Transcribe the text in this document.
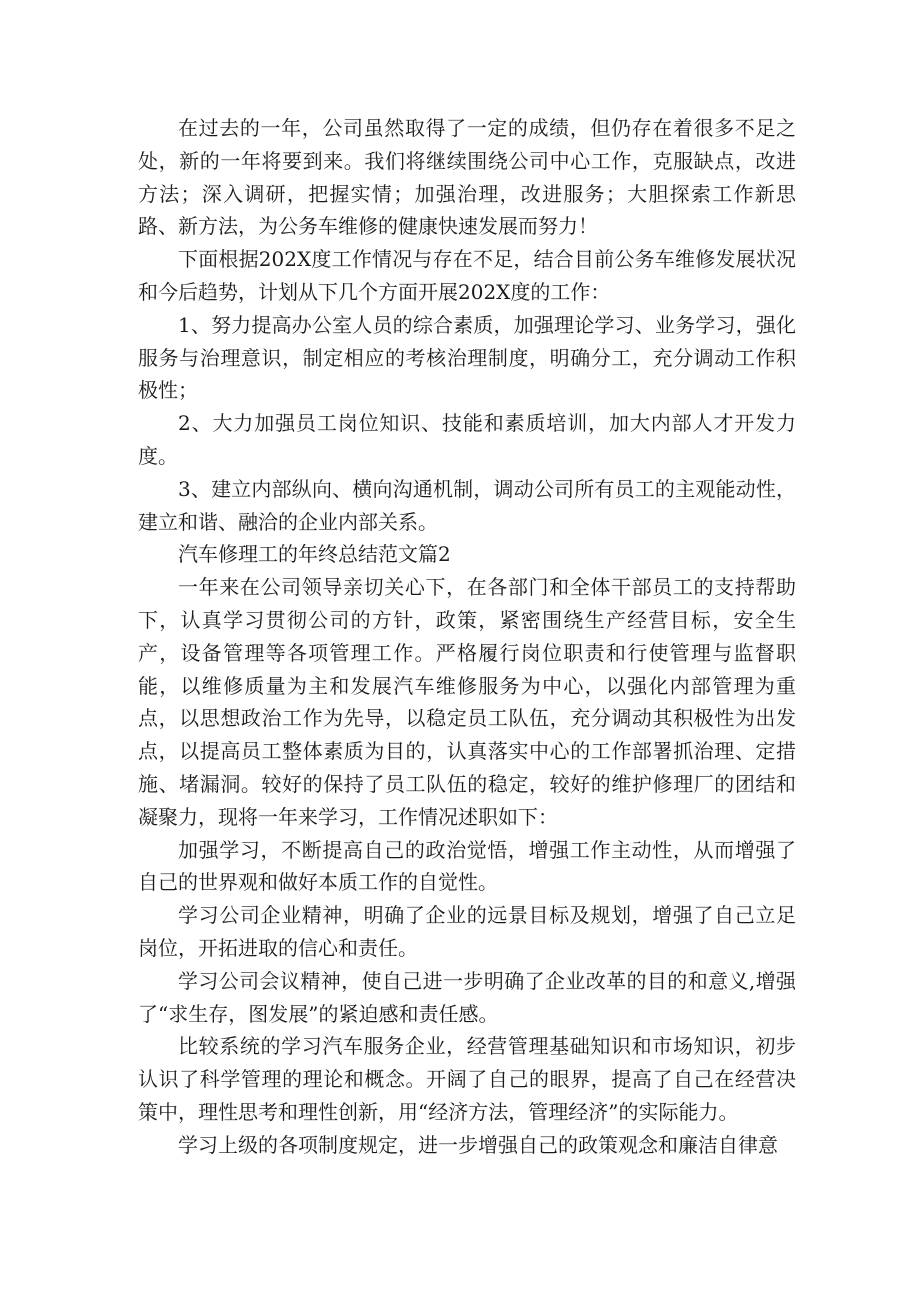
在过去的一年，公司虽然取得了一定的成绩，但仍存在着很多不足之处，新的一年将要到来。我们将继续围绕公司中心工作，克服缺点，改进方法；深入调研，把握实情；加强治理，改进服务；大胆探索工作新思路、新方法，为公务车维修的健康快速发展而努力！

下面根据202X度工作情况与存在不足，结合目前公务车维修发展状况和今后趋势，计划从下几个方面开展202X度的工作：

1、努力提高办公室人员的综合素质，加强理论学习、业务学习，强化服务与治理意识，制定相应的考核治理制度，明确分工，充分调动工作积极性；

2、大力加强员工岗位知识、技能和素质培训，加大内部人才开发力度。

3、建立内部纵向、横向沟通机制，调动公司所有员工的主观能动性，建立和谐、融洽的企业内部关系。

汽车修理工的年终总结范文篇2

一年来在公司领导亲切关心下，在各部门和全体干部员工的支持帮助下，认真学习贯彻公司的方针，政策，紧密围绕生产经营目标，安全生产，设备管理等各项管理工作。严格履行岗位职责和行使管理与监督职能，以维修质量为主和发展汽车维修服务为中心，以强化内部管理为重点，以思想政治工作为先导，以稳定员工队伍，充分调动其积极性为出发点，以提高员工整体素质为目的，认真落实中心的工作部署抓治理、定措施、堵漏洞。较好的保持了员工队伍的稳定，较好的维护修理厂的团结和凝聚力，现将一年来学习，工作情况述职如下：

加强学习，不断提高自己的政治觉悟，增强工作主动性，从而增强了自己的世界观和做好本质工作的自觉性。

学习公司企业精神，明确了企业的远景目标及规划，增强了自己立足岗位，开拓进取的信心和责任。

学习公司会议精神，使自己进一步明确了企业改革的目的和意义,增强了“求生存，图发展”的紧迫感和责任感。

比较系统的学习汽车服务企业，经营管理基础知识和市场知识，初步认识了科学管理的理论和概念。开阔了自己的眼界，提高了自己在经营决策中，理性思考和理性创新，用“经济方法，管理经济”的实际能力。

学习上级的各项制度规定，进一步增强自己的政策观念和廉洁自律意
